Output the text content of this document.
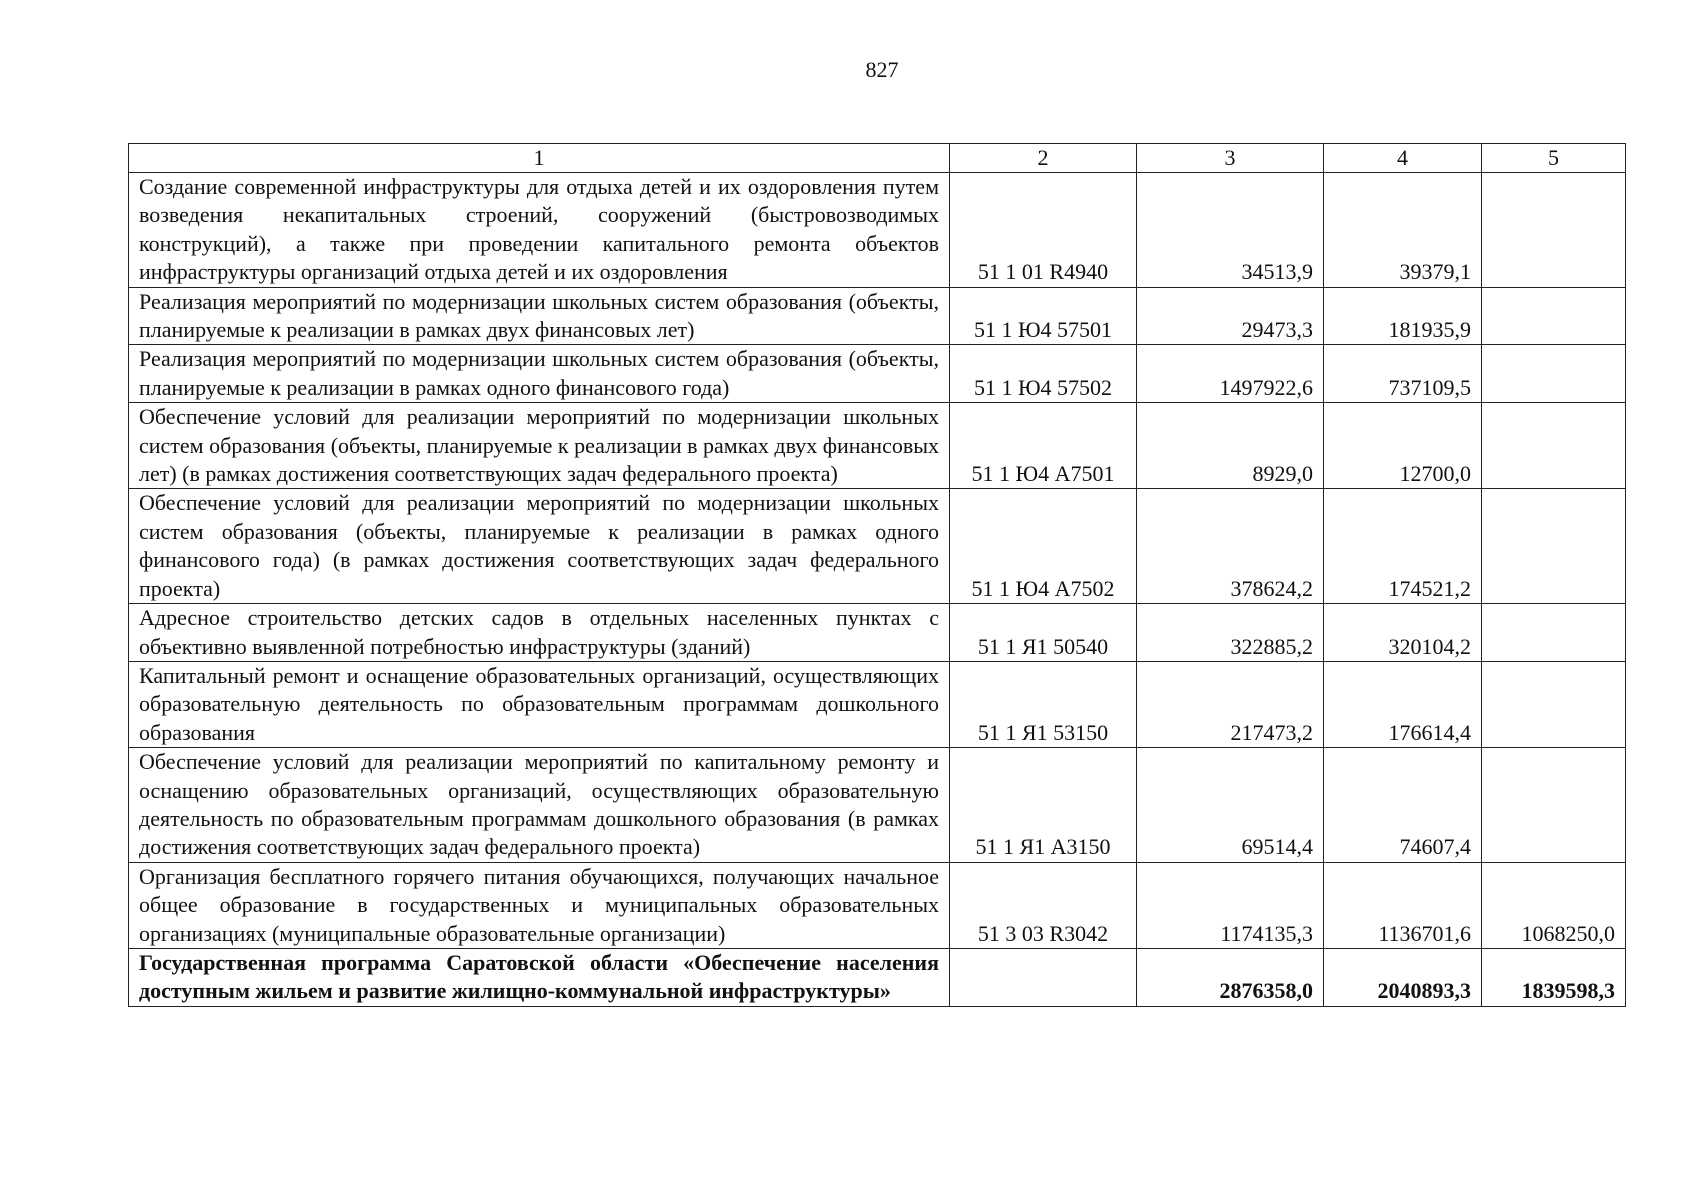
827
1	2	3	4	5
Создание современной инфраструктуры для отдыха детей и их оздоровления путем возведения некапитальных строений, сооружений (быстровозводимых конструкций), а также при проведении капитального ремонта объектов инфраструктуры организаций отдыха детей и их оздоровления	51 1 01 R4940	34513,9	39379,1	
Реализация мероприятий по модернизации школьных систем образования (объекты, планируемые к реализации в рамках двух финансовых лет)	51 1 Ю4 57501	29473,3	181935,9	
Реализация мероприятий по модернизации школьных систем образования (объекты, планируемые к реализации в рамках одного финансового года)	51 1 Ю4 57502	1497922,6	737109,5	
Обеспечение условий для реализации мероприятий по модернизации школьных систем образования (объекты, планируемые к реализации в рамках двух финансовых лет) (в рамках достижения соответствующих задач федерального проекта)	51 1 Ю4 А7501	8929,0	12700,0	
Обеспечение условий для реализации мероприятий по модернизации школьных систем образования (объекты, планируемые к реализации в рамках одного финансового года) (в рамках достижения соответствующих задач федерального проекта)	51 1 Ю4 А7502	378624,2	174521,2	
Адресное строительство детских садов в отдельных населенных пунктах с объективно выявленной потребностью инфраструктуры (зданий)	51 1 Я1 50540	322885,2	320104,2	
Капитальный ремонт и оснащение образовательных организаций, осуществляющих образовательную деятельность по образовательным программам дошкольного образования	51 1 Я1 53150	217473,2	176614,4	
Обеспечение условий для реализации мероприятий по капитальному ремонту и оснащению образовательных организаций, осуществляющих образовательную деятельность по образовательным программам дошкольного образования (в рамках достижения соответствующих задач федерального проекта)	51 1 Я1 А3150	69514,4	74607,4	
Организация бесплатного горячего питания обучающихся, получающих начальное общее образование в государственных и муниципальных образовательных организациях (муниципальные образовательные организации)	51 3 03 R3042	1174135,3	1136701,6	1068250,0
Государственная программа Саратовской области «Обеспечение населения доступным жильем и развитие жилищно-коммунальной инфраструктуры»		2876358,0	2040893,3	1839598,3
